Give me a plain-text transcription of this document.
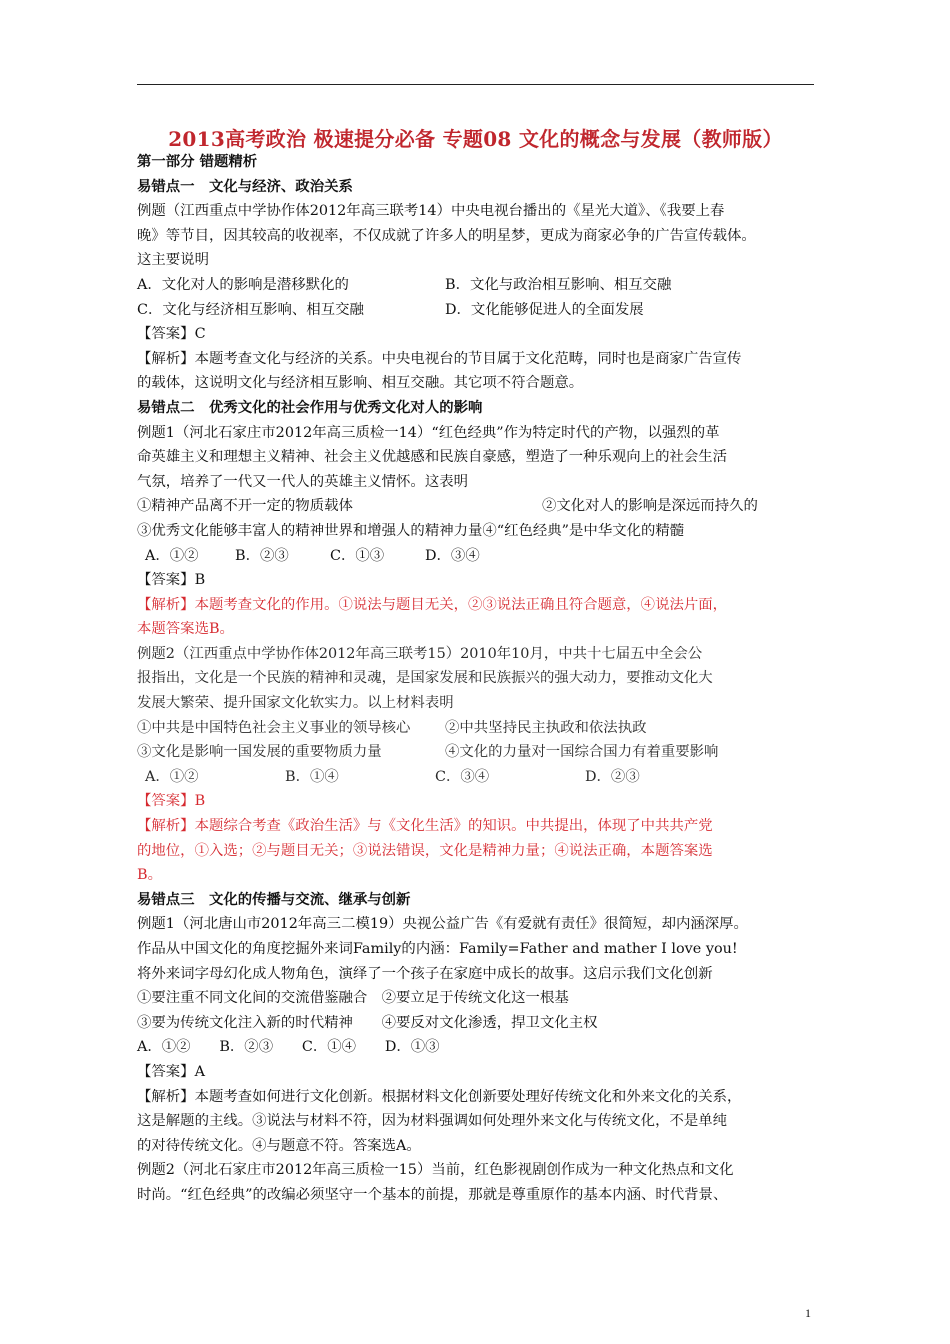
2013高考政治 极速提分必备 专题08 文化的概念与发展（教师版）

第一部分 错题精析

易错点一　文化与经济、政治关系

例题（江西重点中学协作体2012年高三联考14）中央电视台播出的《星光大道》、《我要上春

晚》等节目，因其较高的收视率，不仅成就了许多人的明星梦，更成为商家必争的广告宣传载体。

这主要说明

A．文化对人的影响是潜移默化的	B．文化与政治相互影响、相互交融

C．文化与经济相互影响、相互交融	D．文化能够促进人的全面发展

【答案】C

【解析】本题考查文化与经济的关系。中央电视台的节目属于文化范畴，同时也是商家广告宣传

的载体，这说明文化与经济相互影响、相互交融。其它项不符合题意。

易错点二　优秀文化的社会作用与优秀文化对人的影响

例题1（河北石家庄市2012年高三质检一14）“红色经典”作为特定时代的产物，以强烈的革

命英雄主义和理想主义精神、社会主义优越感和民族自豪感，塑造了一种乐观向上的社会生活

气氛，培养了一代又一代人的英雄主义情怀。这表明

①精神产品离不开一定的物质载体	②文化对人的影响是深远而持久的

③优秀文化能够丰富人的精神世界和增强人的精神力量④“红色经典”是中华文化的精髓

A．①②	B．②③	C．①③	D．③④

【答案】B

【解析】本题考查文化的作用。①说法与题目无关，②③说法正确且符合题意，④说法片面，

本题答案选B。

例题2（江西重点中学协作体2012年高三联考15）2010年10月，中共十七届五中全会公

报指出，文化是一个民族的精神和灵魂，是国家发展和民族振兴的强大动力，要推动文化大

发展大繁荣、提升国家文化软实力。以上材料表明

①中共是中国特色社会主义事业的领导核心	②中共坚持民主执政和依法执政

③文化是影响一国发展的重要物质力量	④文化的力量对一国综合国力有着重要影响

A．①②	B．①④	C．③④	D．②③

【答案】B

【解析】本题综合考查《政治生活》与《文化生活》的知识。中共提出，体现了中共共产党

的地位，①入选；②与题目无关；③说法错误，文化是精神力量；④说法正确，本题答案选

B。

易错点三　文化的传播与交流、继承与创新

例题1（河北唐山市2012年高三二模19）央视公益广告《有爱就有责任》很简短，却内涵深厚。

作品从中国文化的角度挖掘外来词Family的内涵：Family=Father and mather I love you!

将外来词字母幻化成人物角色，演绎了一个孩子在家庭中成长的故事。这启示我们文化创新

①要注重不同文化间的交流借鉴融合　②要立足于传统文化这一根基

③要为传统文化注入新的时代精神　　④要反对文化渗透，捍卫文化主权

A．①②　　B．②③　　C．①④　　D．①③

【答案】A

【解析】本题考查如何进行文化创新。根据材料文化创新要处理好传统文化和外来文化的关系，

这是解题的主线。③说法与材料不符，因为材料强调如何处理外来文化与传统文化，不是单纯

的对待传统文化。④与题意不符。答案选A。

例题2（河北石家庄市2012年高三质检一15）当前，红色影视剧创作成为一种文化热点和文化

时尚。“红色经典”的改编必须坚守一个基本的前提，那就是尊重原作的基本内涵、时代背景、

1
